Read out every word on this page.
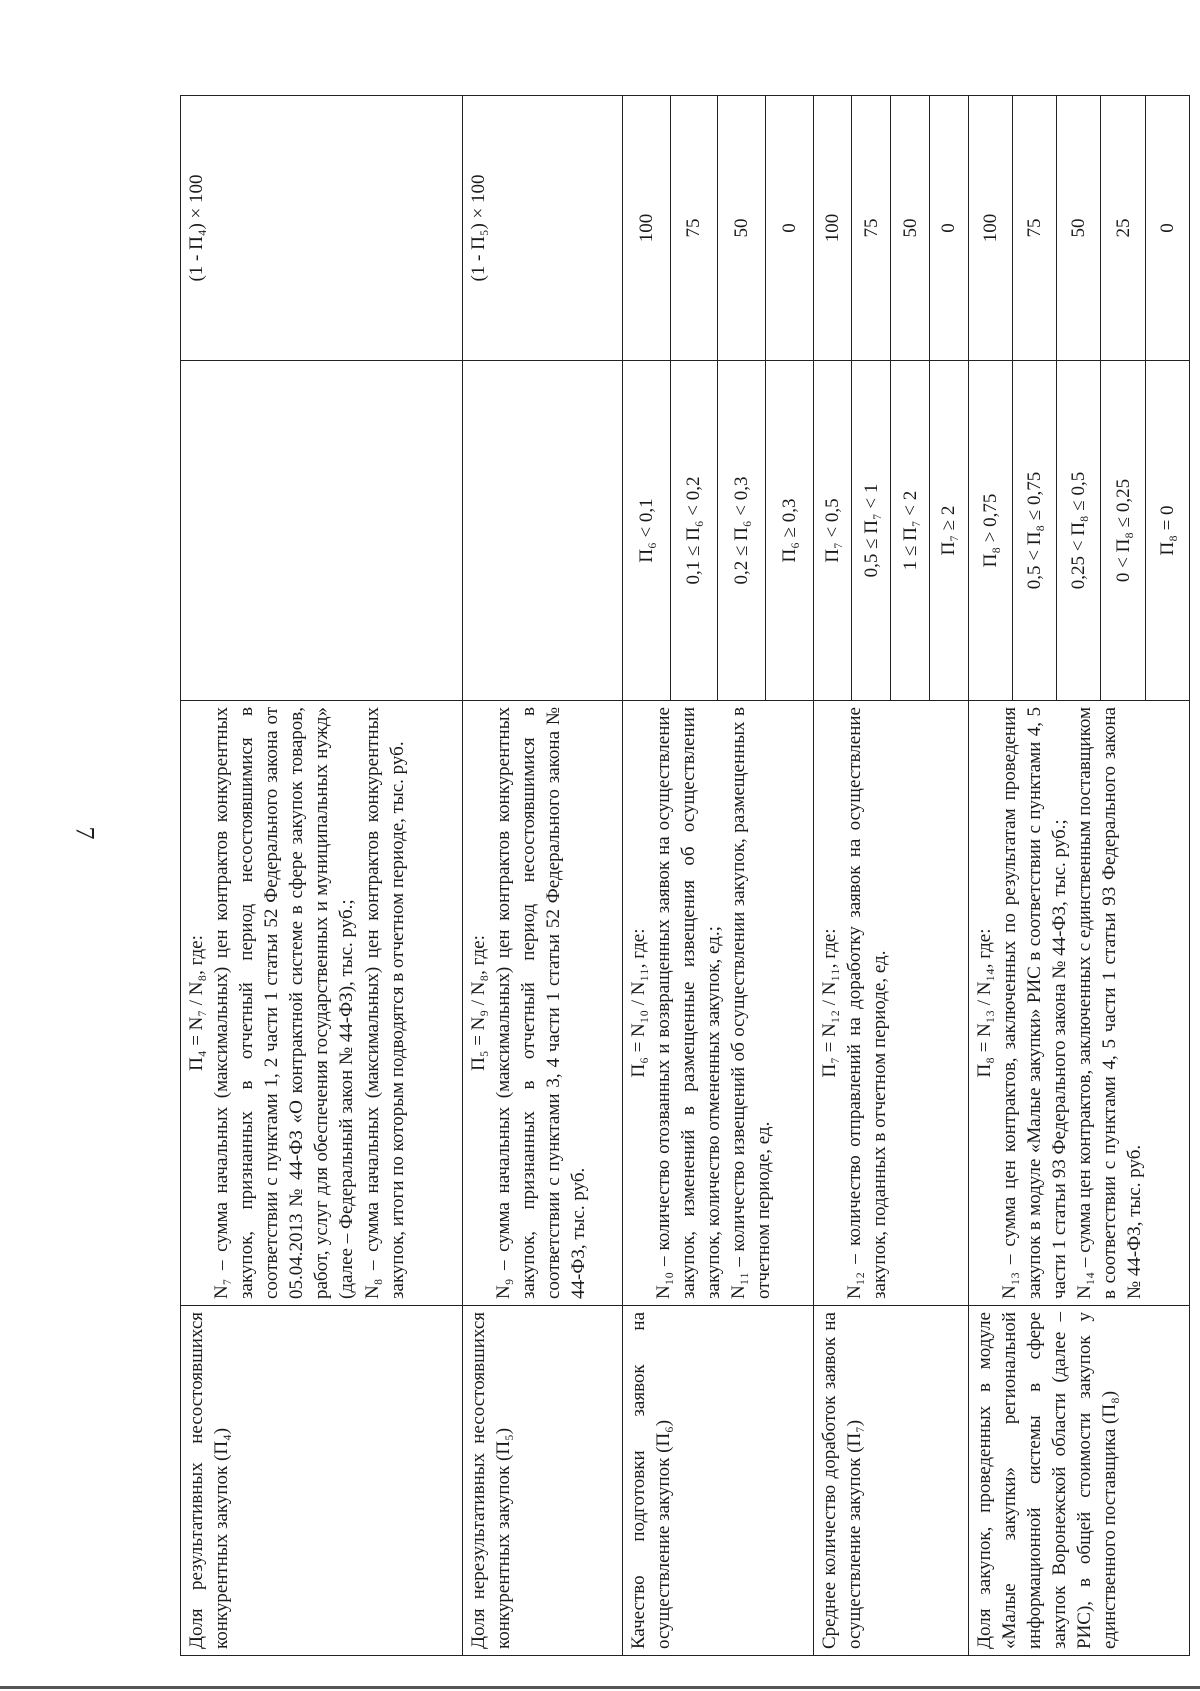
7
Доля результативных несостоявшихся конкурентных закупок (П₄)	П₄ = N₇ / N₈, где: N₇ – сумма начальных (максимальных) цен контрактов конкурентных закупок, признанных в отчетный период несостоявшимися в соответствии с пунктами 1, 2 части 1 статьи 52 Федерального закона от 05.04.2013 № 44-ФЗ «О контрактной системе в сфере закупок товаров, работ, услуг для обеспечения государственных и муниципальных нужд» (далее – Федеральный закон № 44-ФЗ), тыс. руб.; N₈ – сумма начальных (максимальных) цен контрактов конкурентных закупок, итоги по которым подводятся в отчетном периоде, тыс. руб.		(1 - П₄) × 100
Доля нерезультативных несостоявшихся конкурентных закупок (П₅)	П₅ = N₉ / N₈, где: N₉ – сумма начальных (максимальных) цен контрактов конкурентных закупок, признанных в отчетный период несостоявшимися в соответствии с пунктами 3, 4 части 1 статьи 52 Федерального закона № 44-ФЗ, тыс. руб.		(1 - П₅) × 100
Качество подготовки заявок на осуществление закупок (П₆)	П₆ = N₁₀ / N₁₁, где: N₁₀ – количество отозванных и возвращенных заявок на осуществление закупок, изменений в размещенные извещения об осуществлении закупок, количество отмененных закупок, ед.; N₁₁ – количество извещений об осуществлении закупок, размещенных в отчетном периоде, ед.	П₆ < 0,1	100
		0,1 ≤ П₆ < 0,2	75
		0,2 ≤ П₆ < 0,3	50
		П₆ ≥ 0,3	0
Среднее количество доработок заявок на осуществление закупок (П₇)	П₇ = N₁₂ / N₁₁, где: N₁₂ – количество отправлений на доработку заявок на осуществление закупок, поданных в отчетном периоде, ед.	П₇ < 0,5	100
		0,5 ≤ П₇ < 1	75
		1 ≤ П₇ < 2	50
		П₇ ≥ 2	0
Доля закупок, проведенных в модуле «Малые закупки» региональной информационной системы в сфере закупок Воронежской области (далее – РИС), в общей стоимости закупок у единственного поставщика (П₈)	П₈ = N₁₃ / N₁₄, где: N₁₃ – сумма цен контрактов, заключенных по результатам проведения закупок в модуле «Малые закупки» РИС в соответствии с пунктами 4, 5 части 1 статьи 93 Федерального закона № 44-ФЗ, тыс. руб.; N₁₄ – сумма цен контрактов, заключенных с единственным поставщиком в соответствии с пунктами 4, 5 части 1 статьи 93 Федерального закона № 44-ФЗ, тыс. руб.	П₈ > 0,75	100
		0,5 < П₈ ≤ 0,75	75
		0,25 < П₈ ≤ 0,5	50
		0 < П₈ ≤ 0,25	25
		П₈ = 0	0
